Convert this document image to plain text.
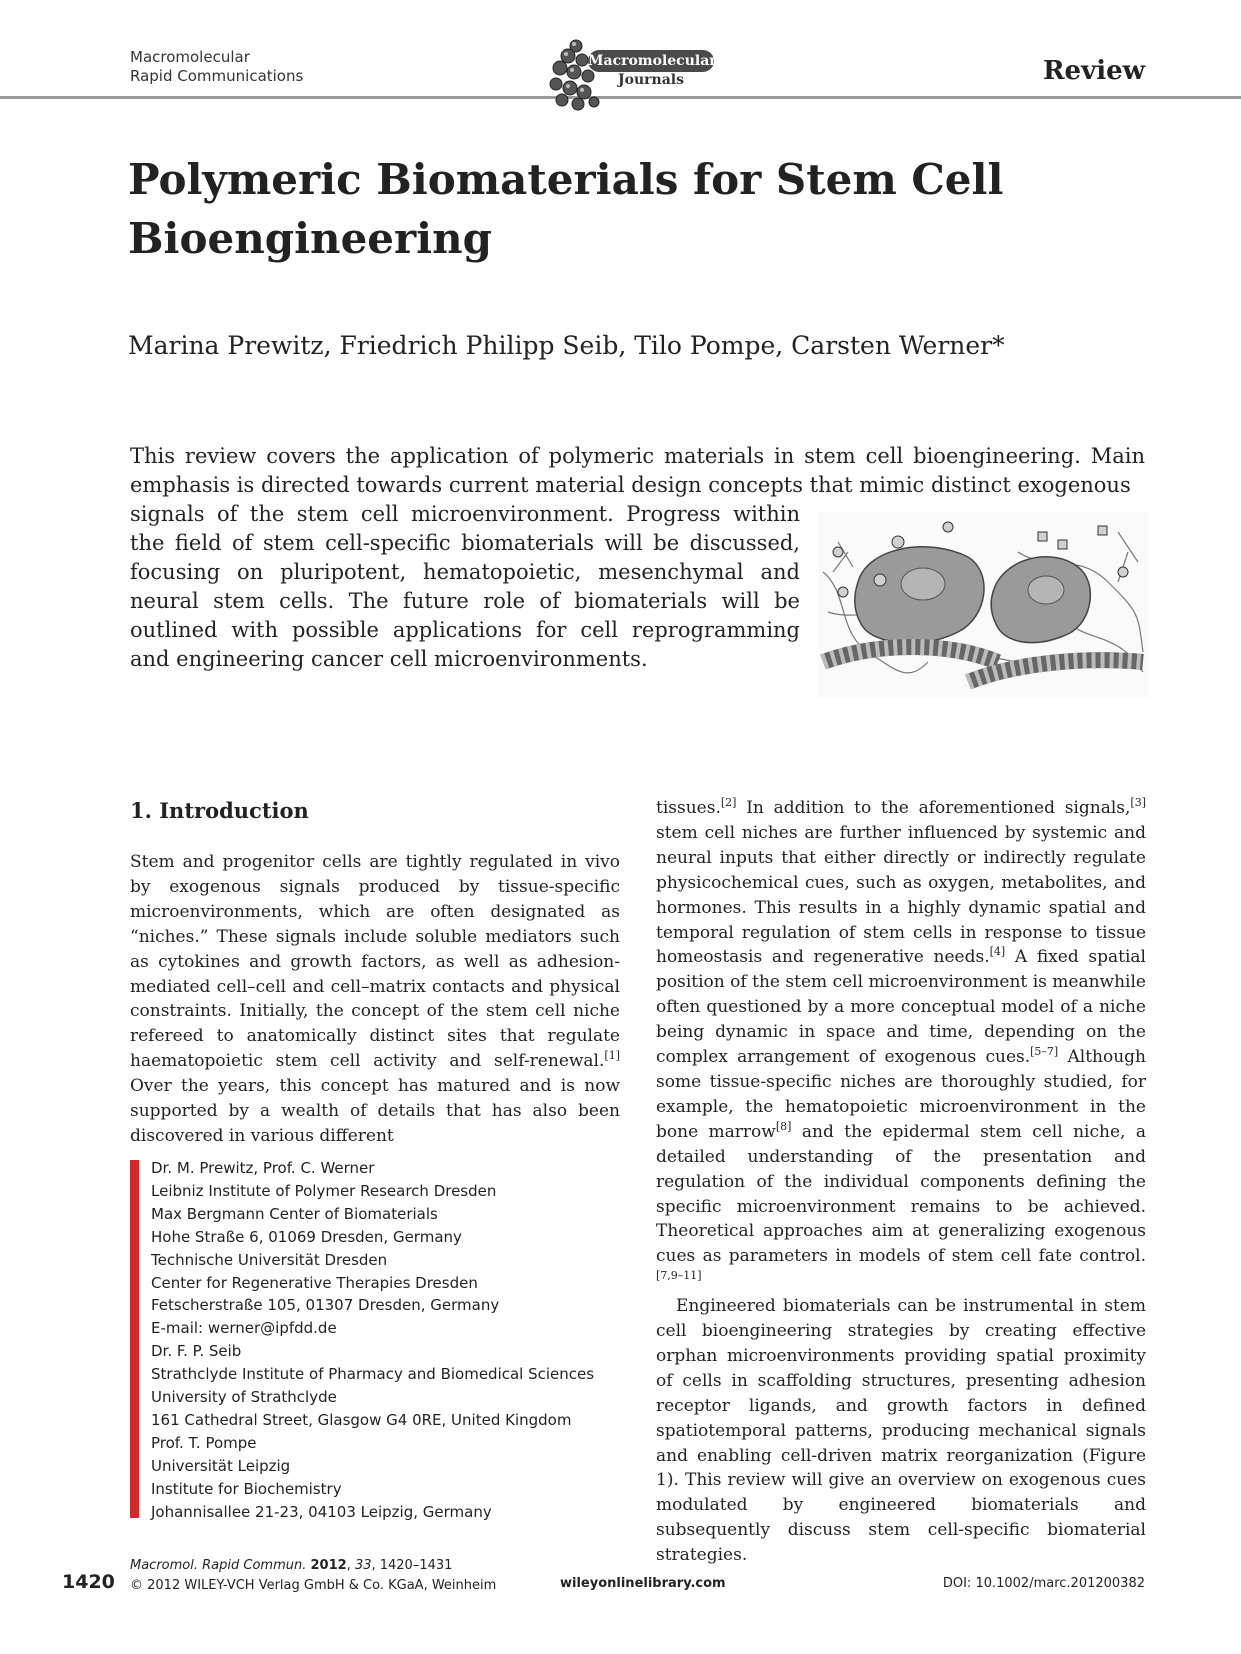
Macromolecular
Rapid Communications
Macromolecular
Journals	Review
Polymeric Biomaterials for Stem Cell
Bioengineering
Marina Prewitz, Friedrich Philipp Seib, Tilo Pompe, Carsten Werner*
This review covers the application of polymeric materials in stem cell bioengineering. Main emphasis is directed towards current material design concepts that mimic distinct exogenous
signals of the stem cell microenvironment. Progress within the field of stem cell-specific biomaterials will be discussed, focusing on pluripotent, hematopoietic, mesenchymal and neural stem cells. The future role of biomaterials will be outlined with possible applications for cell reprogramming and engineering cancer cell microenvironments.
1. Introduction
Stem and progenitor cells are tightly regulated in vivo by exogenous signals produced by tissue-specific microenvironments, which are often designated as “niches.” These signals include soluble mediators such as cytokines and growth factors, as well as adhesion-mediated cell–cell and cell–matrix contacts and physical constraints. Initially, the concept of the stem cell niche refereed to anatomically distinct sites that regulate haematopoietic stem cell activity and self-renewal.[1] Over the years, this concept has matured and is now supported by a wealth of details that has also been discovered in various different

tissues.[2] In addition to the aforementioned signals,[3] stem cell niches are further influenced by systemic and neural inputs that either directly or indirectly regulate physicochemical cues, such as oxygen, metabolites, and hormones. This results in a highly dynamic spatial and temporal regulation of stem cells in response to tissue homeostasis and regenerative needs.[4] A fixed spatial position of the stem cell microenvironment is meanwhile often questioned by a more conceptual model of a niche being dynamic in space and time, depending on the complex arrangement of exogenous cues.[5–7] Although some tissue-specific niches are thoroughly studied, for example, the hematopoietic microenvironment in the bone marrow[8] and the epidermal stem cell niche, a detailed understanding of the presentation and regulation of the individual components defining the specific microenvironment remains to be achieved. Theoretical approaches aim at generalizing exogenous cues as parameters in models of stem cell fate control.[7,9–11]

Engineered biomaterials can be instrumental in stem cell bioengineering strategies by creating effective orphan microenvironments providing spatial proximity of cells in scaffolding structures, presenting adhesion receptor ligands, and growth factors in defined spatiotemporal patterns, producing mechanical signals and enabling cell-driven matrix reorganization (Figure 1). This review will give an overview on exogenous cues modulated by engineered biomaterials and subsequently discuss stem cell-specific biomaterial strategies.

Dr. M. Prewitz, Prof. C. Werner
Leibniz Institute of Polymer Research Dresden
Max Bergmann Center of Biomaterials
Hohe Straße 6, 01069 Dresden, Germany
Technische Universität Dresden
Center for Regenerative Therapies Dresden
Fetscherstraße 105, 01307 Dresden, Germany
E-mail: werner@ipfdd.de
Dr. F. P. Seib
Strathclyde Institute of Pharmacy and Biomedical Sciences
University of Strathclyde
161 Cathedral Street, Glasgow G4 0RE, United Kingdom
Prof. T. Pompe
Universität Leipzig
Institute for Biochemistry
Johannisallee 21-23, 04103 Leipzig, Germany
1420
Macromol. Rapid Commun. 2012, 33, 1420–1431
© 2012 WILEY-VCH Verlag GmbH & Co. KGaA, Weinheim	wileyonlinelibrary.com	DOI: 10.1002/marc.201200382
